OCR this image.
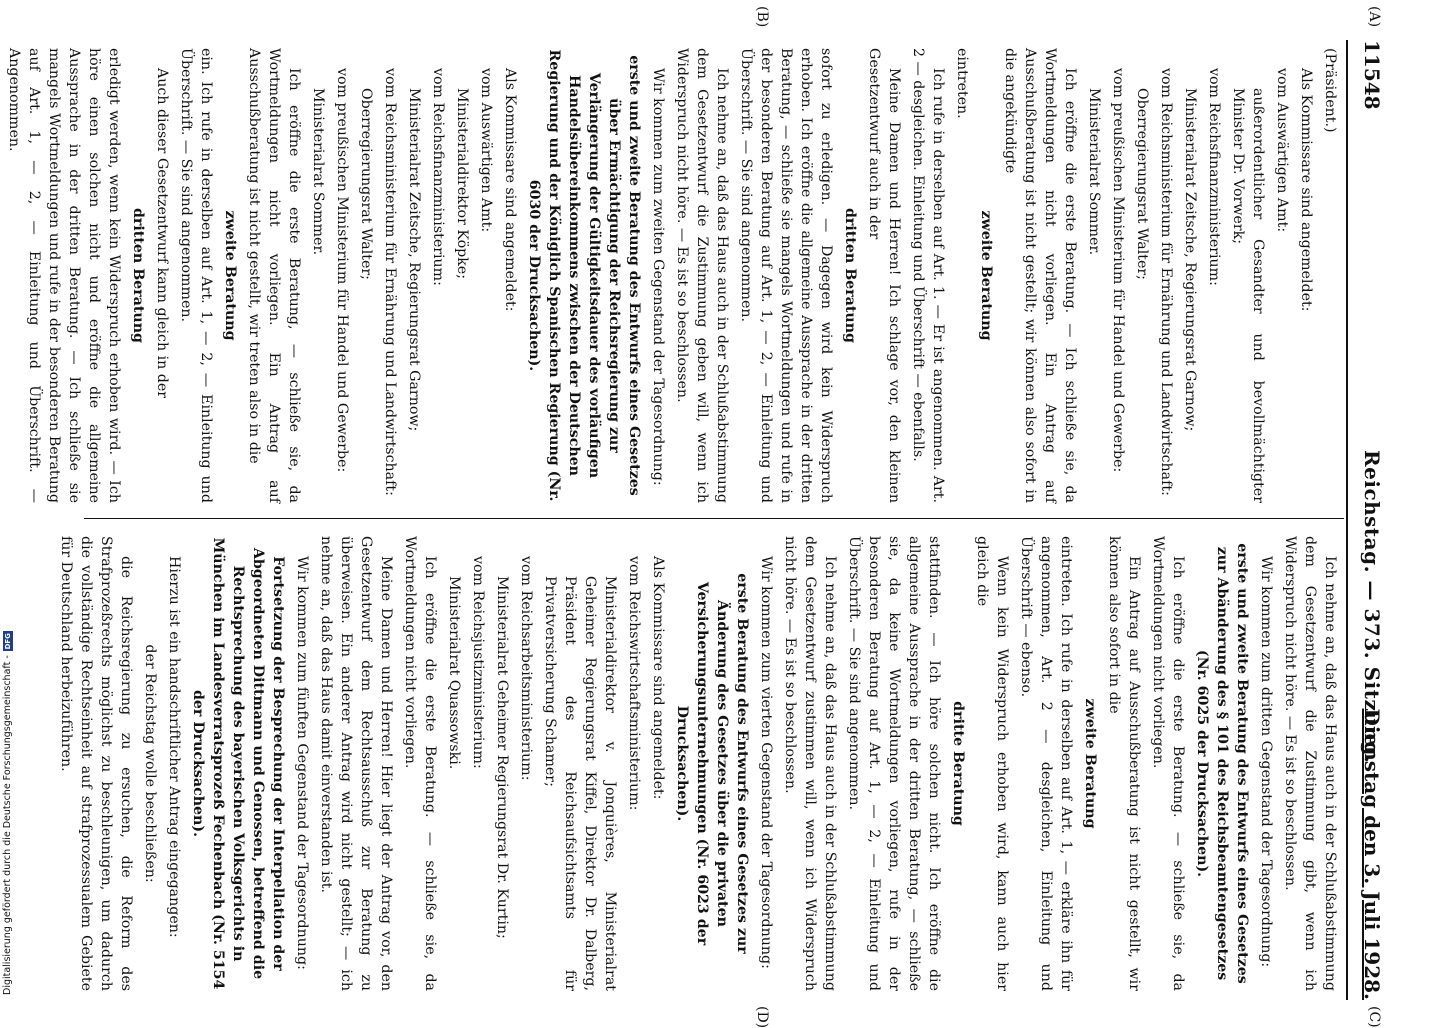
11548
Reichstag. — 373. Sitzung.
Dienstag den 3. Juli 1928.
(A)
(B)
(C)
(D)

(Präsident.)

Als Kommissare sind angemeldet:

vom Auswärtigen Amt:

außerordentlicher Gesandter und bevollmächtigter Minister Dr. Vorwerk;

vom Reichsfinanzministerium:

Ministerialrat Zeitsche, Regierungsrat Garnow;

vom Reichsministerium für Ernährung und Landwirtschaft:

Oberregierungsrat Walter;

vom preußischen Ministerium für Handel und Gewerbe:

Ministerialrat Sommer.

Ich eröffne die erste Beratung. — Ich schließe sie, da Wortmeldungen nicht vorliegen. Ein Antrag auf Ausschußberatung ist nicht gestellt; wir können also sofort in die angekündigte

zweite Beratung

eintreten.

Ich rufe in derselben auf Art. 1. — Er ist angenommen. Art. 2 — desgleichen. Einleitung und Überschrift — ebenfalls.

Meine Damen und Herren! Ich schlage vor, den kleinen Gesetzentwurf auch in der

dritten Beratung

sofort zu erledigen. — Dagegen wird kein Widerspruch erhoben. Ich eröffne die allgemeine Aussprache in der dritten Beratung, — schließe sie mangels Wortmeldungen und rufe in der besonderen Beratung auf Art. 1, — 2, — Einleitung und Überschrift. — Sie sind angenommen.

Ich nehme an, daß das Haus auch in der Schlußabstimmung dem Gesetzentwurf die Zustimmung geben will, wenn ich Widerspruch nicht höre. — Es ist so beschlossen.

Wir kommen zum zweiten Gegenstand der Tagesordnung:

erste und zweite Beratung des Entwurfs eines Gesetzes über Ermächtigung der Reichsregierung zur Verlängerung der Gültigkeitsdauer des vorläufigen Handelsübereinkommens zwischen der Deutschen Regierung und der Königlich Spanischen Regierung (Nr. 6030 der Drucksachen).

Als Kommissare sind angemeldet:

vom Auswärtigen Amt:

Ministerialdirektor Köpke;

vom Reichsfinanzministerium:

Ministerialrat Zeitsche, Regierungsrat Garnow;

vom Reichsministerium für Ernährung und Landwirtschaft:

Oberregierungsrat Walter;

vom preußischen Ministerium für Handel und Gewerbe:

Ministerialrat Sommer.

Ich eröffne die erste Beratung, — schließe sie, da Wortmeldungen nicht vorliegen. Ein Antrag auf Ausschußberatung ist nicht gestellt, wir treten also in die

zweite Beratung

ein. Ich rufe in derselben auf Art. 1, — 2, — Einleitung und Überschrift. — Sie sind angenommen.

Auch dieser Gesetzentwurf kann gleich in der

dritten Beratung

erledigt werden, wenn kein Widerspruch erhoben wird. — Ich höre einen solchen nicht und eröffne die allgemeine Aussprache in der dritten Beratung. — Ich schließe sie mangels Wortmeldungen und rufe in der besonderen Beratung auf Art. 1, — 2, — Einleitung und Überschrift. — Angenommen.

Ich nehme an, daß das Haus auch in der Schlußabstimmung dem Gesetzentwurf die Zustimmung gibt, wenn ich Widerspruch nicht höre. — Es ist so beschlossen.

Wir kommen zum dritten Gegenstand der Tagesordnung:

erste und zweite Beratung des Entwurfs eines Gesetzes zur Abänderung des § 101 des Reichsbeamtengesetzes (Nr. 6025 der Drucksachen).

Ich eröffne die erste Beratung. — schließe sie, da Wortmeldungen nicht vorliegen.

Ein Antrag auf Ausschußberatung ist nicht gestellt, wir können also sofort in die

zweite Beratung

eintreten. Ich rufe in derselben auf Art. 1, — erkläre ihn für angenommen, Art. 2 — desgleichen, Einleitung und Überschrift — ebenso.

Wenn kein Widerspruch erhoben wird, kann auch hier gleich die

dritte Beratung

stattfinden. — Ich höre solchen nicht. Ich eröffne die allgemeine Aussprache in der dritten Beratung, — schließe sie, da keine Wortmeldungen vorliegen, rufe in der besonderen Beratung auf Art. 1, — 2, — Einleitung und Überschrift. — Sie sind angenommen.

Ich nehme an, daß das Haus auch in der Schlußabstimmung dem Gesetzentwurf zustimmen will, wenn ich Widerspruch nicht höre. — Es ist so beschlossen.

Wir kommen zum vierten Gegenstand der Tagesordnung:

erste Beratung des Entwurfs eines Gesetzes zur Änderung des Gesetzes über die privaten Versicherungsunternehmungen (Nr. 6023 der Drucksachen).

Als Kommissare sind angemeldet:

vom Reichswirtschaftsministerium:

Ministerialdirektor v. Jonquières, Ministerialrat Geheimer Regierungsrat Kiffel, Direktor Dr. Dalberg, Präsident des Reichsaufsichtsamts für Privatversicherung Schamer;

vom Reichsarbeitsministerium:

Ministerialrat Geheimer Regierungsrat Dr. Kurtin;

vom Reichsjustizministerium:

Ministerialrat Quassowski.

Ich eröffne die erste Beratung. — schließe sie, da Wortmeldungen nicht vorliegen.

Meine Damen und Herren! Hier liegt der Antrag vor, den Gesetzentwurf dem Rechtsausschuß zur Beratung zu überweisen. Ein anderer Antrag wird nicht gestellt; — ich nehme an, daß das Haus damit einverstanden ist.

Wir kommen zum fünften Gegenstand der Tagesordnung:

Fortsetzung der Besprechung der Interpellation der Abgeordneten Dittmann und Genossen, betreffend die Rechtsprechung des bayerischen Volksgerichts in München im Landesverratsprozeß Fechenbach (Nr. 5154 der Drucksachen).

Hierzu ist ein handschriftlicher Antrag eingegangen:

der Reichstag wolle beschließen:

die Reichsregierung zu ersuchen, die Reform des Strafprozeßrechts möglichst zu beschleunigen, um dadurch die vollständige Rechtseinheit auf strafprozessualem Gebiete für Deutschland herbeizuführen.

Digitalisierung gefördert durch die Deutsche Forschungsgemeinschaft -DFG
